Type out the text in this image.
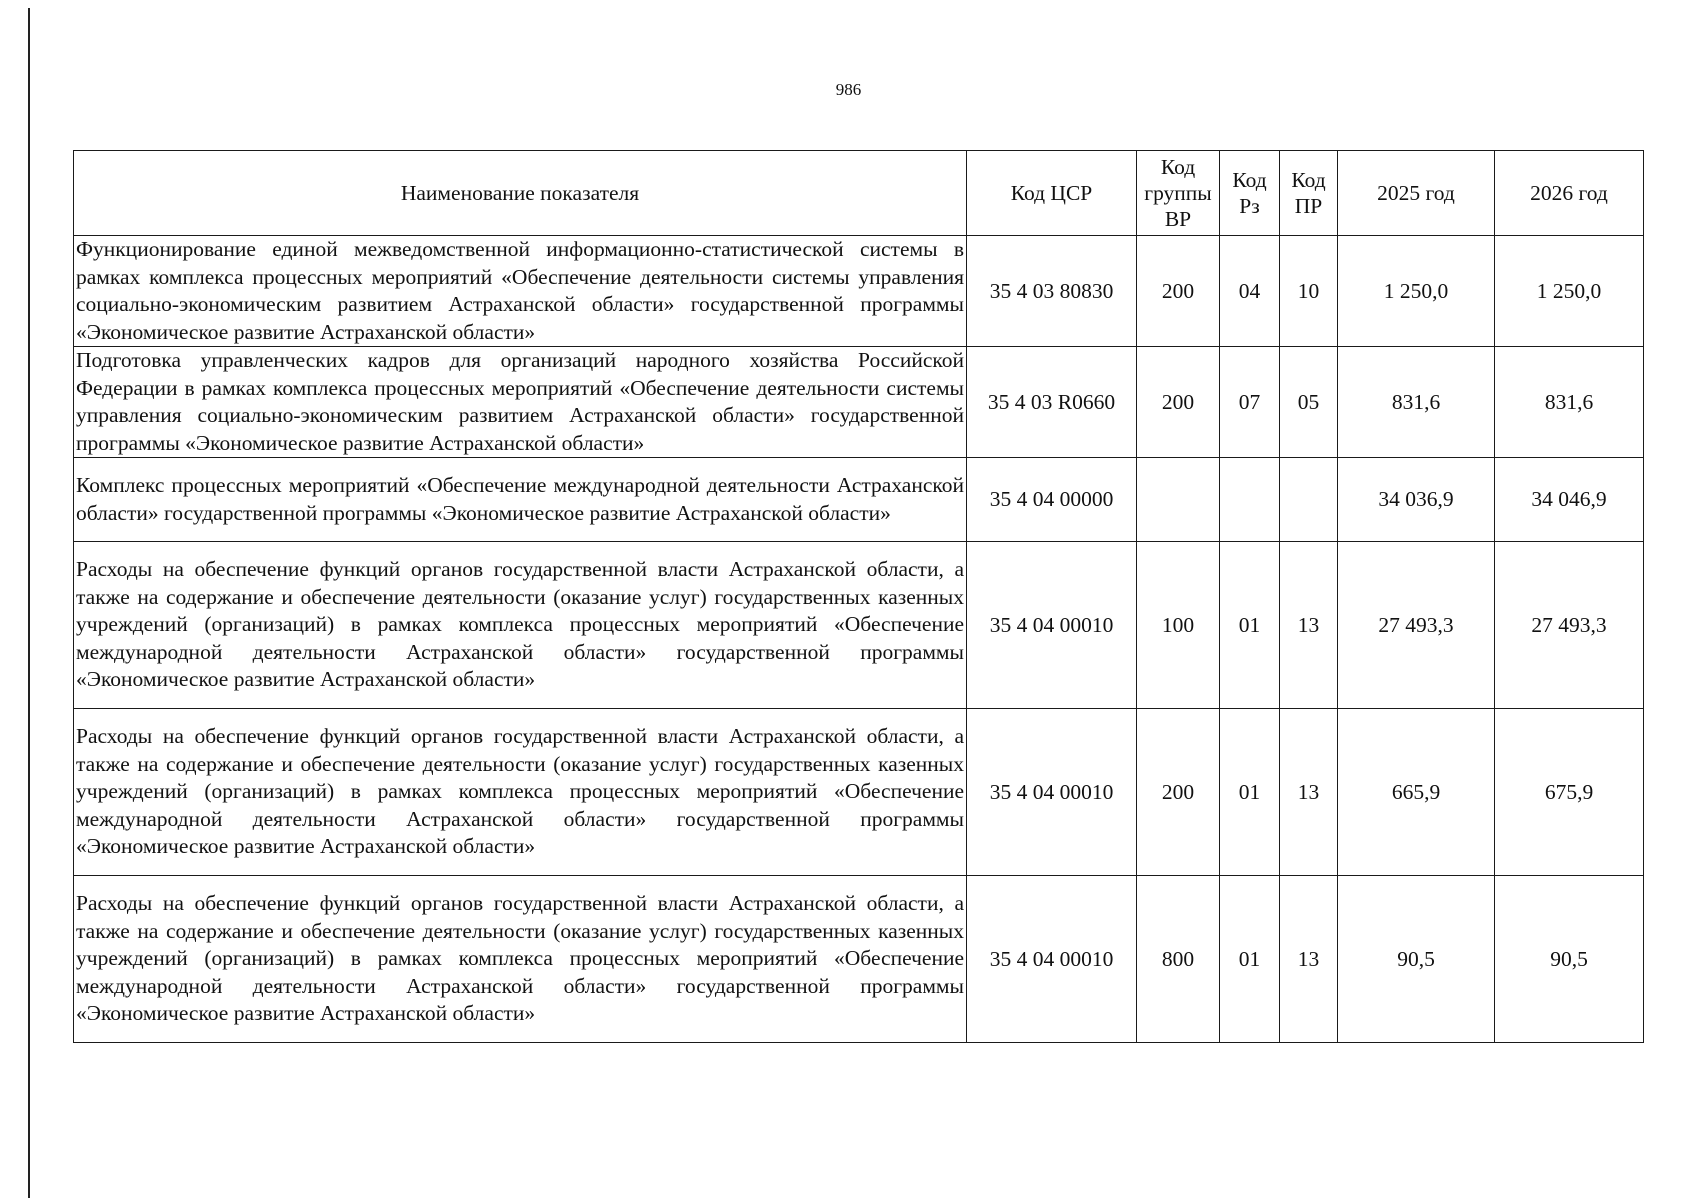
986
Наименование показателя	Код ЦСР	Код группы ВР	Код Рз	Код ПР	2025 год	2026 год
Функционирование единой межведомственной информационно-статистической системы в рамках комплекса процессных мероприятий «Обеспечение деятельности системы управления социально-экономическим развитием Астраханской области» государственной программы «Экономическое развитие Астраханской области»	35 4 03 80830	200	04	10	1 250,0	1 250,0
Подготовка управленческих кадров для организаций народного хозяйства Российской Федерации в рамках комплекса процессных мероприятий «Обеспечение деятельности системы управления социально-экономическим развитием Астраханской области» государственной программы «Экономическое развитие Астраханской области»	35 4 03 R0660	200	07	05	831,6	831,6
Комплекс процессных мероприятий «Обеспечение международной деятельности Астраханской области» государственной программы «Экономическое развитие Астраханской области»	35 4 04 00000				34 036,9	34 046,9
Расходы на обеспечение функций органов государственной власти Астраханской области, а также на содержание и обеспечение деятельности (оказание услуг) государственных казенных учреждений (организаций) в рамках комплекса процессных мероприятий «Обеспечение международной деятельности Астраханской области» государственной программы «Экономическое развитие Астраханской области»	35 4 04 00010	100	01	13	27 493,3	27 493,3
Расходы на обеспечение функций органов государственной власти Астраханской области, а также на содержание и обеспечение деятельности (оказание услуг) государственных казенных учреждений (организаций) в рамках комплекса процессных мероприятий «Обеспечение международной деятельности Астраханской области» государственной программы «Экономическое развитие Астраханской области»	35 4 04 00010	200	01	13	665,9	675,9
Расходы на обеспечение функций органов государственной власти Астраханской области, а также на содержание и обеспечение деятельности (оказание услуг) государственных казенных учреждений (организаций) в рамках комплекса процессных мероприятий «Обеспечение международной деятельности Астраханской области» государственной программы «Экономическое развитие Астраханской области»	35 4 04 00010	800	01	13	90,5	90,5
